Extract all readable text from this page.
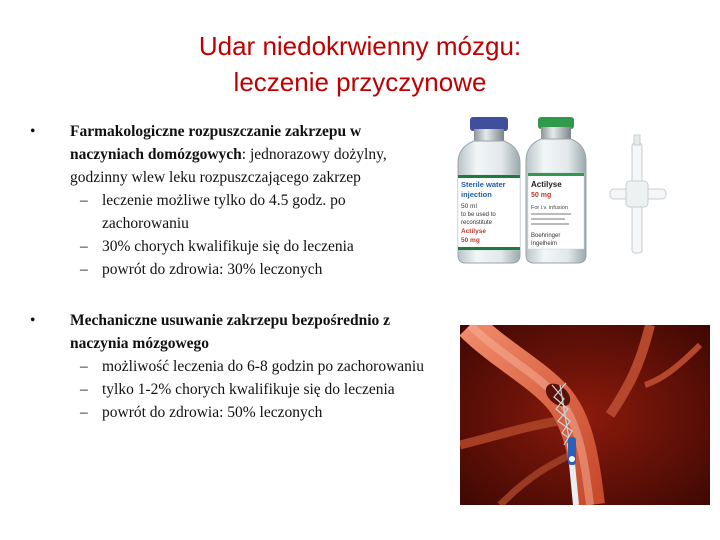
Udar niedokrwienny mózgu:
leczenie przyczynowe
• Farmakologiczne rozpuszczanie zakrzepu w naczyniach domózgowych: jednorazowy dożylny, godzinny wlew leku rozpuszczającego zakrzep
– leczenie możliwe tylko do 4.5 godz. po zachorowaniu
– 30% chorych kwalifikuje się do leczenia
– powrót do zdrowia: 30% leczonych
• Mechaniczne usuwanie zakrzepu bezpośrednio z naczynia mózgowego
– możliwość leczenia do 6-8 godzin po zachorowaniu
– tylko 1-2% chorych kwalifikuje się do leczenia
– powrót do zdrowia: 50% leczonych
Sterile water
injection
50 ml
to be used to
reconstitute
Actilyse
50 mg
Actilyse
50 mg
For i.v. infusion
Boehringer
Ingelheim
